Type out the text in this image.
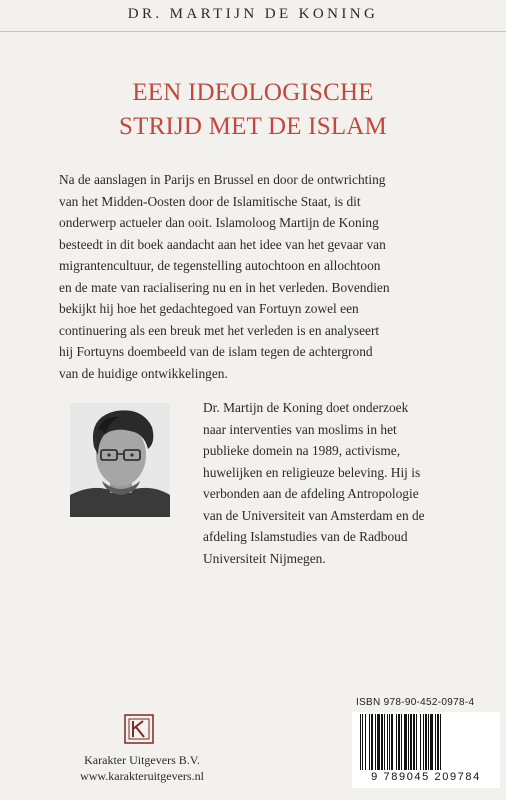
DR. MARTIJN DE KONING
EEN IDEOLOGISCHE
STRIJD MET DE ISLAM
Na de aanslagen in Parijs en Brussel en door de ontwrichting
van het Midden-Oosten door de Islamitische Staat, is dit
onderwerp actueler dan ooit. Islamoloog Martijn de Koning
besteedt in dit boek aandacht aan het idee van het gevaar van
migrantencultuur, de tegenstelling autochtoon en allochtoon
en de mate van racialisering nu en in het verleden. Bovendien
bekijkt hij hoe het gedachtegoed van Fortuyn zowel een
continuering als een breuk met het verleden is en analyseert
hij Fortuyns doembeeld van de islam tegen de achtergrond
van de huidige ontwikkelingen.
Dr. Martijn de Koning doet onderzoek
naar interventies van moslims in het
publieke domein na 1989, activisme,
huwelijken en religieuze beleving. Hij is
verbonden aan de afdeling Antropologie
van de Universiteit van Amsterdam en de
afdeling Islamstudies van de Radboud
Universiteit Nijmegen.
ISBN 978-90-452-0978-4
9 789045 209784
Karakter Uitgevers B.V.
www.karakteruitgevers.nl
